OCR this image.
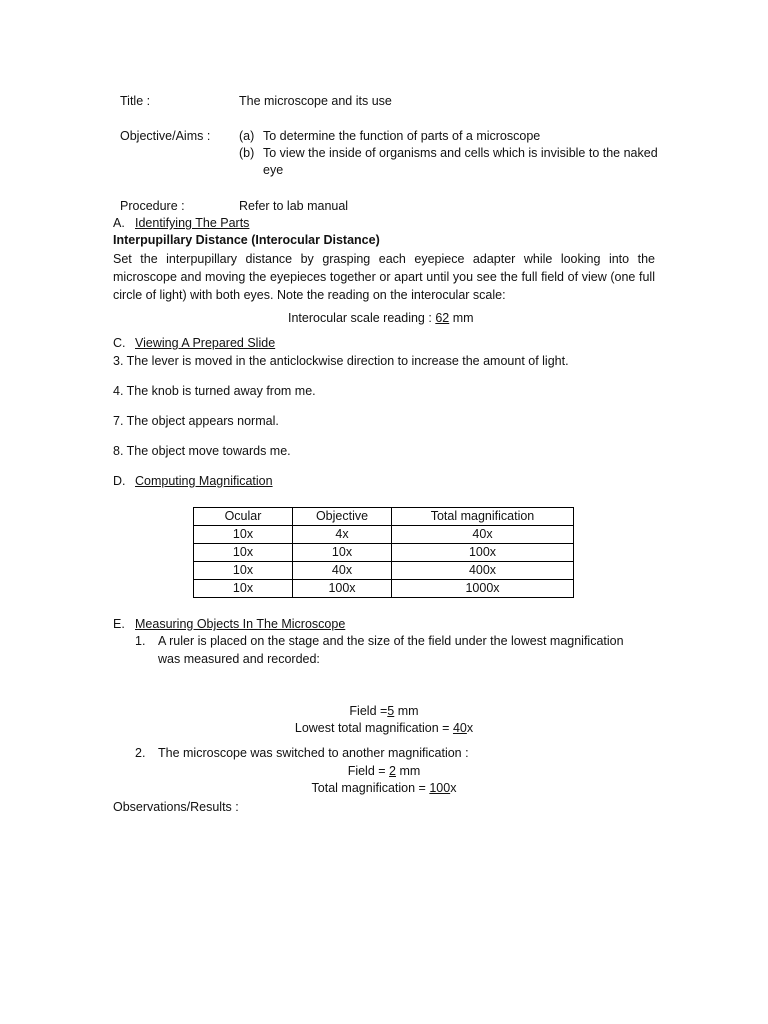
Title :	The microscope and its use
Objective/Aims : (a) To determine the function of parts of a microscope
(b) To view the inside of organisms and cells which is invisible to the naked
eye
Procedure :	Refer to lab manual
A. Identifying The Parts
Interpupillary Distance (Interocular Distance)
Set the interpupillary distance by grasping each eyepiece adapter while looking into the microscope and moving the eyepieces together or apart until you see the full field of view (one full circle of light) with both eyes. Note the reading on the interocular scale:
Interocular scale reading : 62 mm
C. Viewing A Prepared Slide
3. The lever is moved in the anticlockwise direction to increase the amount of light.
4. The knob is turned away from me.
7. The object appears normal.
8. The object move towards me.
D. Computing Magnification
Ocular	Objective	Total magnification
10x	4x	40x
10x	10x	100x
10x	40x	400x
10x	100x	1000x
E. Measuring Objects In The Microscope
1. A ruler is placed on the stage and the size of the field under the lowest magnification
was measured and recorded:
Field =5 mm
Lowest total magnification = 40x
2. The microscope was switched to another magnification :
Field = 2 mm
Total magnification = 100x
Observations/Results :
